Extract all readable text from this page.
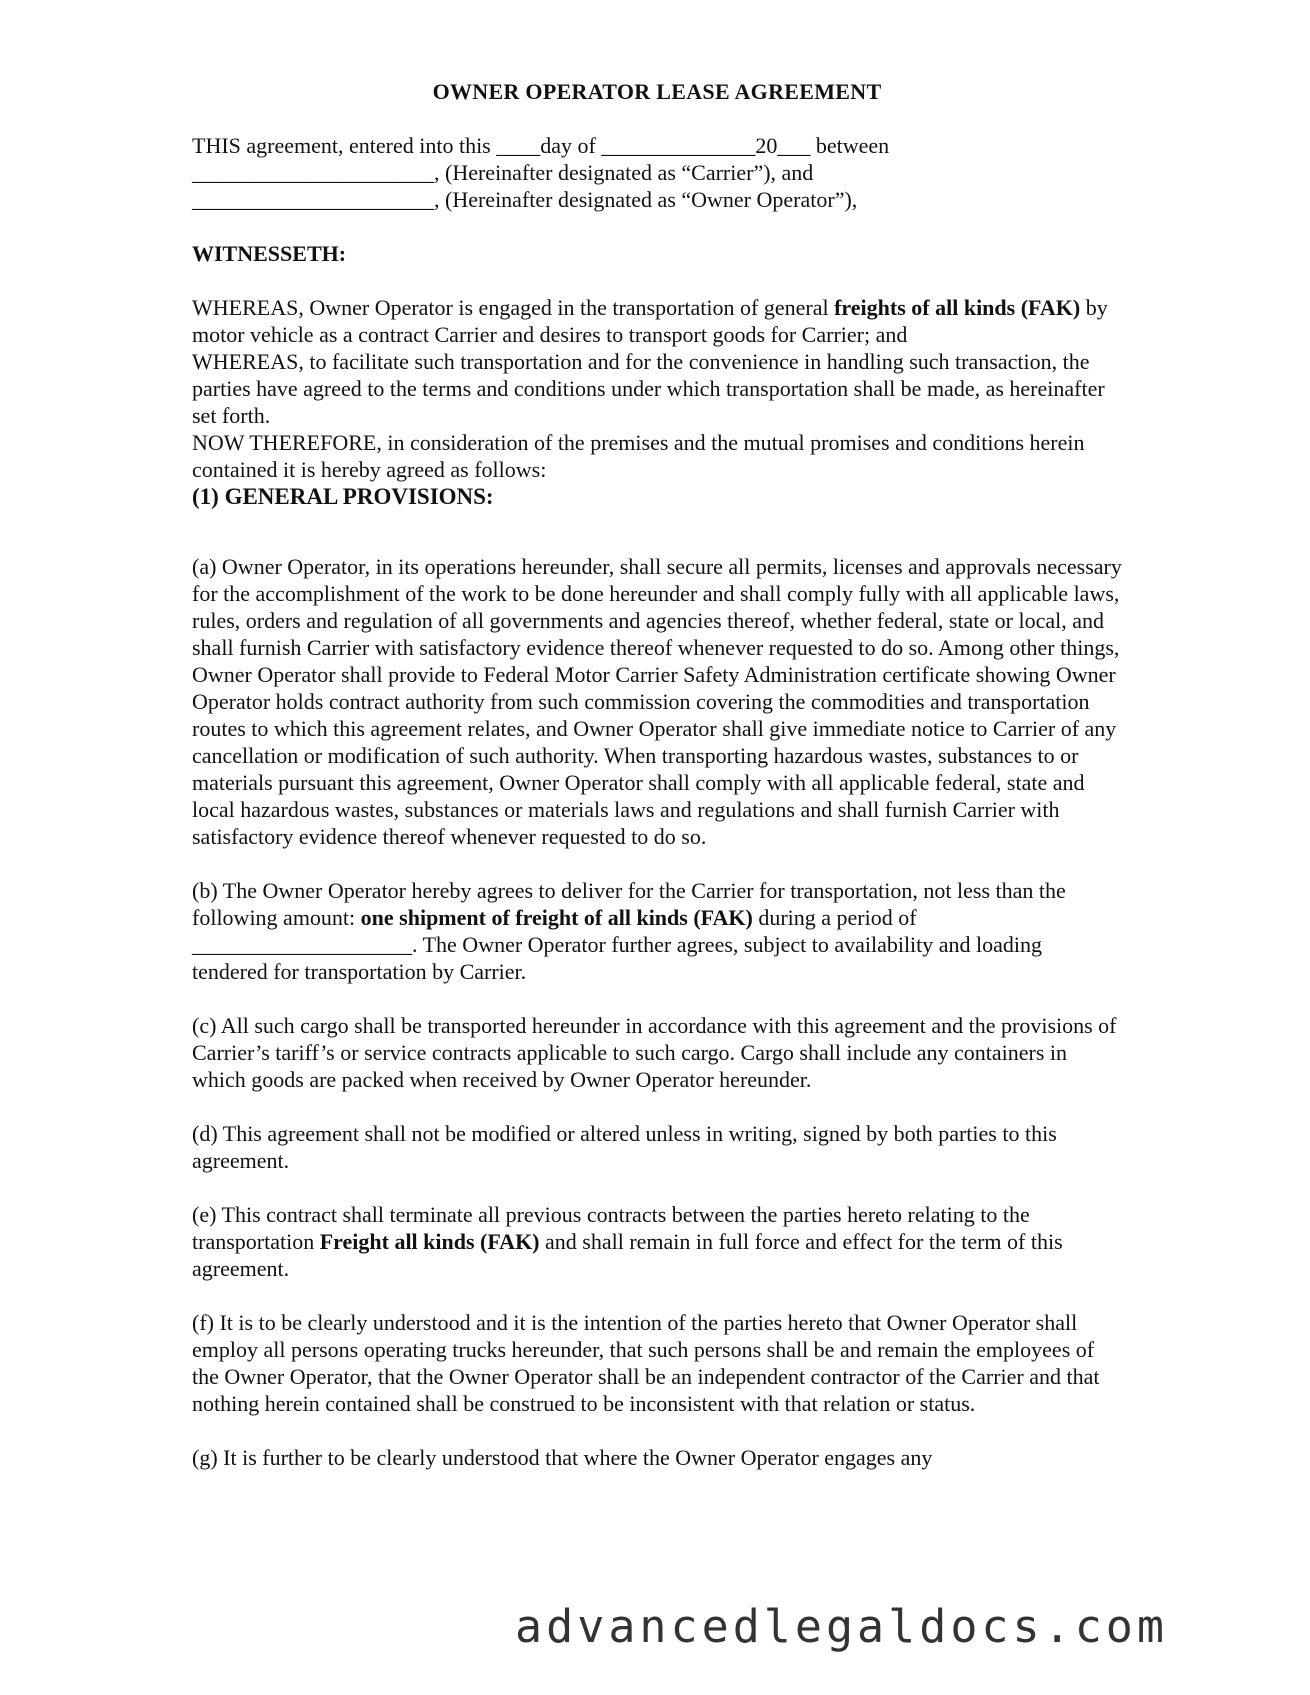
OWNER OPERATOR LEASE AGREEMENT

THIS agreement, entered into this ____day of ______________20___ between

______________________, (Hereinafter designated as “Carrier”), and

______________________, (Hereinafter designated as “Owner Operator”),

WITNESSETH:

WHEREAS, Owner Operator is engaged in the transportation of general freights of all kinds (FAK) by motor vehicle as a contract Carrier and desires to transport goods for Carrier; and

WHEREAS, to facilitate such transportation and for the convenience in handling such transaction, the parties have agreed to the terms and conditions under which transportation shall be made, as hereinafter set forth.

NOW THEREFORE, in consideration of the premises and the mutual promises and conditions herein contained it is hereby agreed as follows:

(1) GENERAL PROVISIONS:

(a) Owner Operator, in its operations hereunder, shall secure all permits, licenses and approvals necessary for the accomplishment of the work to be done hereunder and shall comply fully with all applicable laws, rules, orders and regulation of all governments and agencies thereof, whether federal, state or local, and shall furnish Carrier with satisfactory evidence thereof whenever requested to do so. Among other things, Owner Operator shall provide to Federal Motor Carrier Safety Administration certificate showing Owner Operator holds contract authority from such commission covering the commodities and transportation routes to which this agreement relates, and Owner Operator shall give immediate notice to Carrier of any cancellation or modification of such authority. When transporting hazardous wastes, substances to or materials pursuant this agreement, Owner Operator shall comply with all applicable federal, state and local hazardous wastes, substances or materials laws and regulations and shall furnish Carrier with satisfactory evidence thereof whenever requested to do so.

(b) The Owner Operator hereby agrees to deliver for the Carrier for transportation, not less than the following amount: one shipment of freight of all kinds (FAK) during a period of ____________________. The Owner Operator further agrees, subject to availability and loading tendered for transportation by Carrier.

(c) All such cargo shall be transported hereunder in accordance with this agreement and the provisions of Carrier’s tariff’s or service contracts applicable to such cargo. Cargo shall include any containers in which goods are packed when received by Owner Operator hereunder.

(d) This agreement shall not be modified or altered unless in writing, signed by both parties to this agreement.

(e) This contract shall terminate all previous contracts between the parties hereto relating to the transportation Freight all kinds (FAK) and shall remain in full force and effect for the term of this agreement.

(f) It is to be clearly understood and it is the intention of the parties hereto that Owner Operator shall employ all persons operating trucks hereunder, that such persons shall be and remain the employees of the Owner Operator, that the Owner Operator shall be an independent contractor of the Carrier and that nothing herein contained shall be construed to be inconsistent with that relation or status.

(g) It is further to be clearly understood that where the Owner Operator engages any

advancedlegaldocs.com
